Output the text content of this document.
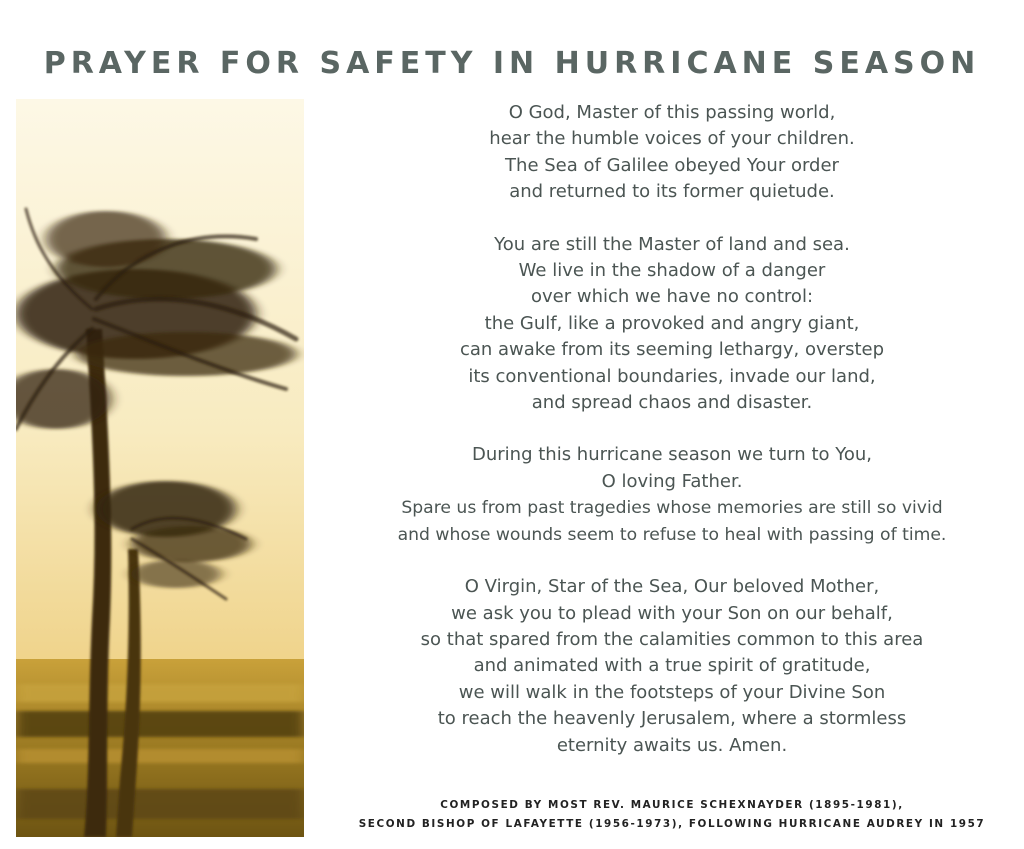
PRAYER FOR SAFETY IN HURRICANE SEASON

O God, Master of this passing world,
hear the humble voices of your children.
The Sea of Galilee obeyed Your order
and returned to its former quietude.

You are still the Master of land and sea.
We live in the shadow of a danger
over which we have no control:
the Gulf, like a provoked and angry giant,
can awake from its seeming lethargy, overstep
its conventional boundaries, invade our land,
and spread chaos and disaster.

During this hurricane season we turn to You,
O loving Father.
Spare us from past tragedies whose memories are still so vivid
and whose wounds seem to refuse to heal with passing of time.

O Virgin, Star of the Sea, Our beloved Mother,
we ask you to plead with your Son on our behalf,
so that spared from the calamities common to this area
and animated with a true spirit of gratitude,
we will walk in the footsteps of your Divine Son
to reach the heavenly Jerusalem, where a stormless
eternity awaits us. Amen.

COMPOSED BY MOST REV. MAURICE SCHEXNAYDER (1895-1981),
SECOND BISHOP OF LAFAYETTE (1956-1973), FOLLOWING HURRICANE AUDREY IN 1957
